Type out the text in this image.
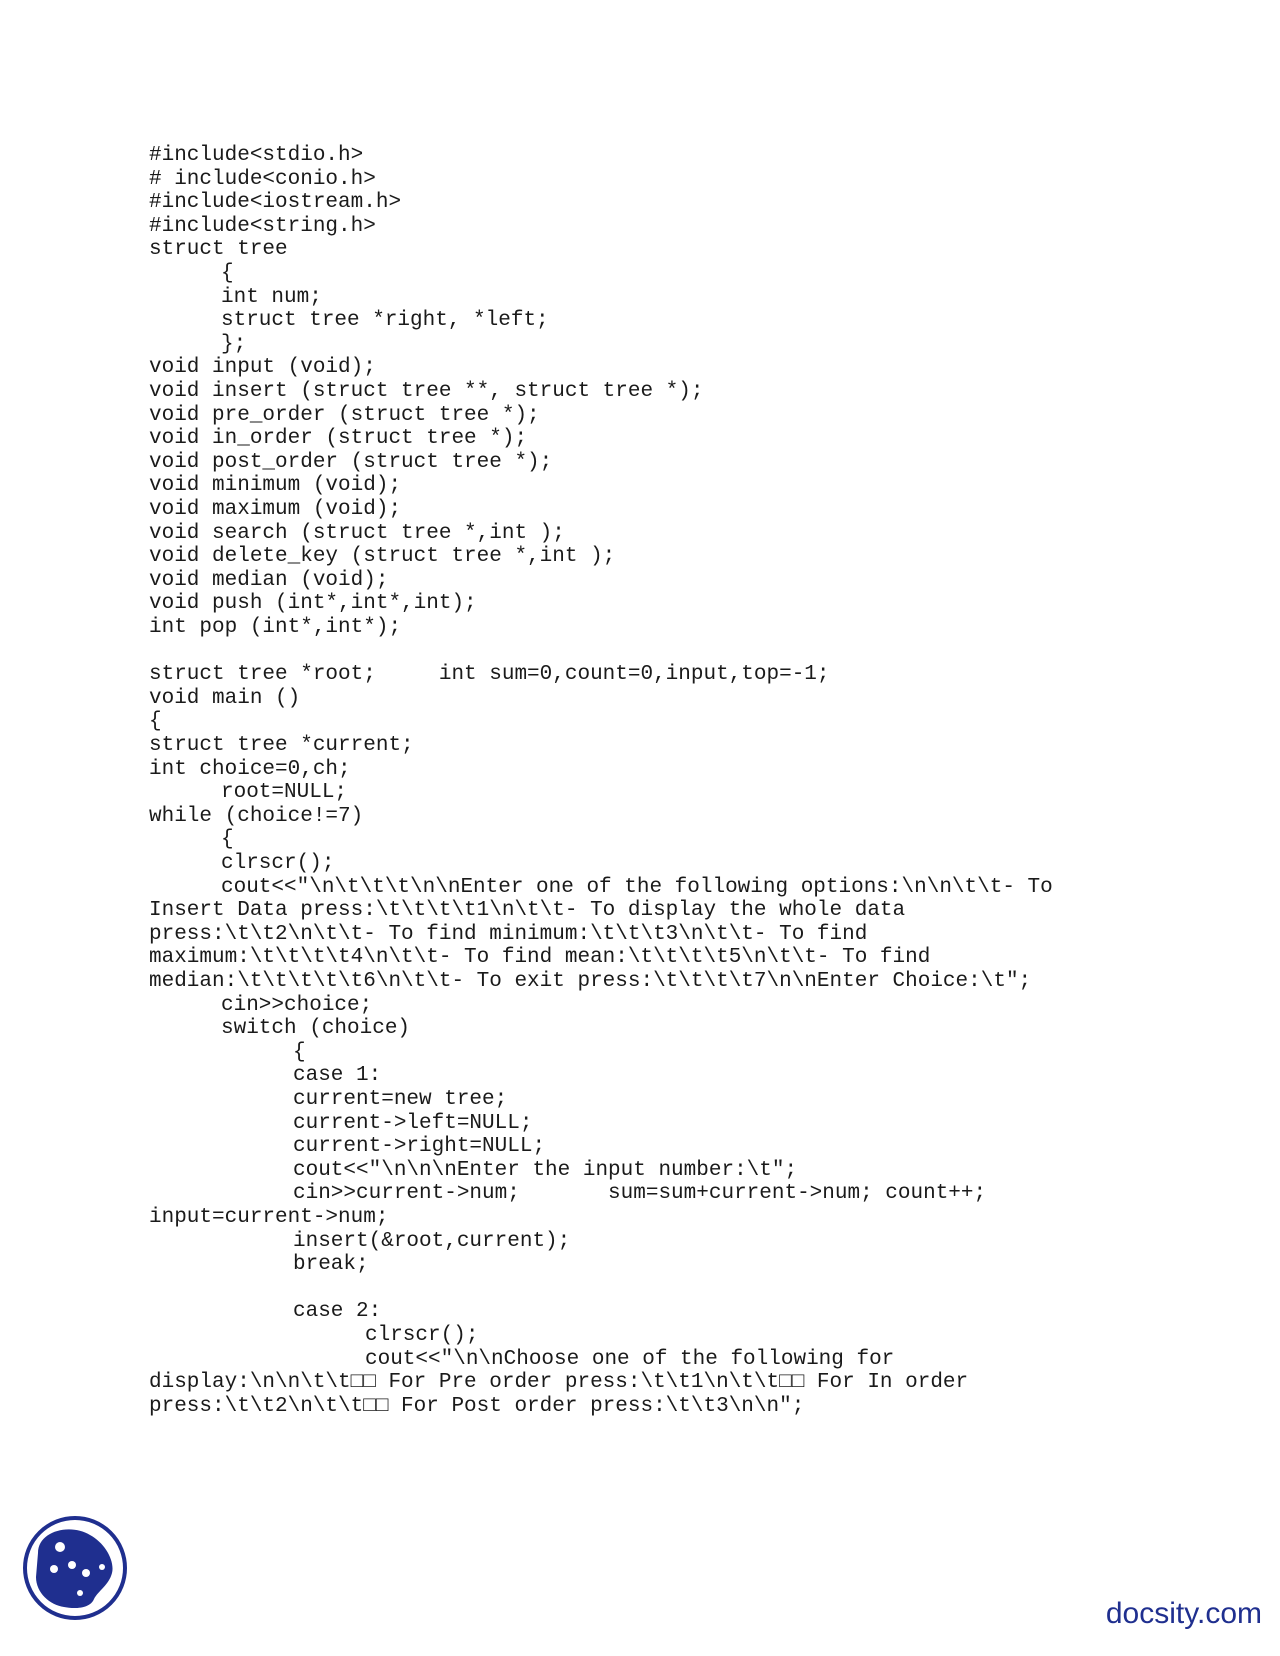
#include<stdio.h>
# include<conio.h>
#include<iostream.h>
#include<string.h>
struct tree
{
int num;
struct tree *right, *left;
};
void input (void);
void insert (struct tree **, struct tree *);
void pre_order (struct tree *);
void in_order (struct tree *);
void post_order (struct tree *);
void minimum (void);
void maximum (void);
void search (struct tree *,int );
void delete_key (struct tree *,int );
void median (void);
void push (int*,int*,int);
int pop (int*,int*);
struct tree *root;     int sum=0,count=0,input,top=-1;
void main ()
{
struct tree *current;
int choice=0,ch;
root=NULL;
while (choice!=7)
{
clrscr();
cout<<"\n\t\t\t\n\nEnter one of the following options:\n\n\t\t- To
Insert Data press:\t\t\t\t1\n\t\t- To display the whole data
press:\t\t2\n\t\t- To find minimum:\t\t\t3\n\t\t- To find
maximum:\t\t\t\t4\n\t\t- To find mean:\t\t\t\t5\n\t\t- To find
median:\t\t\t\t\t6\n\t\t- To exit press:\t\t\t\t7\n\nEnter Choice:\t";
cin>>choice;
switch (choice)
{
case 1:
current=new tree;
current->left=NULL;
current->right=NULL;
cout<<"\n\n\nEnter the input number:\t";
cin>>current->num;       sum=sum+current->num; count++;
input=current->num;
insert(&root,current);
break;
case 2:
clrscr();
cout<<"\n\nChoose one of the following for
display:\n\n\t\t□□ For Pre order press:\t\t1\n\t\t□□ For In order
press:\t\t2\n\t\t□□ For Post order press:\t\t3\n\n";
docsity.com
